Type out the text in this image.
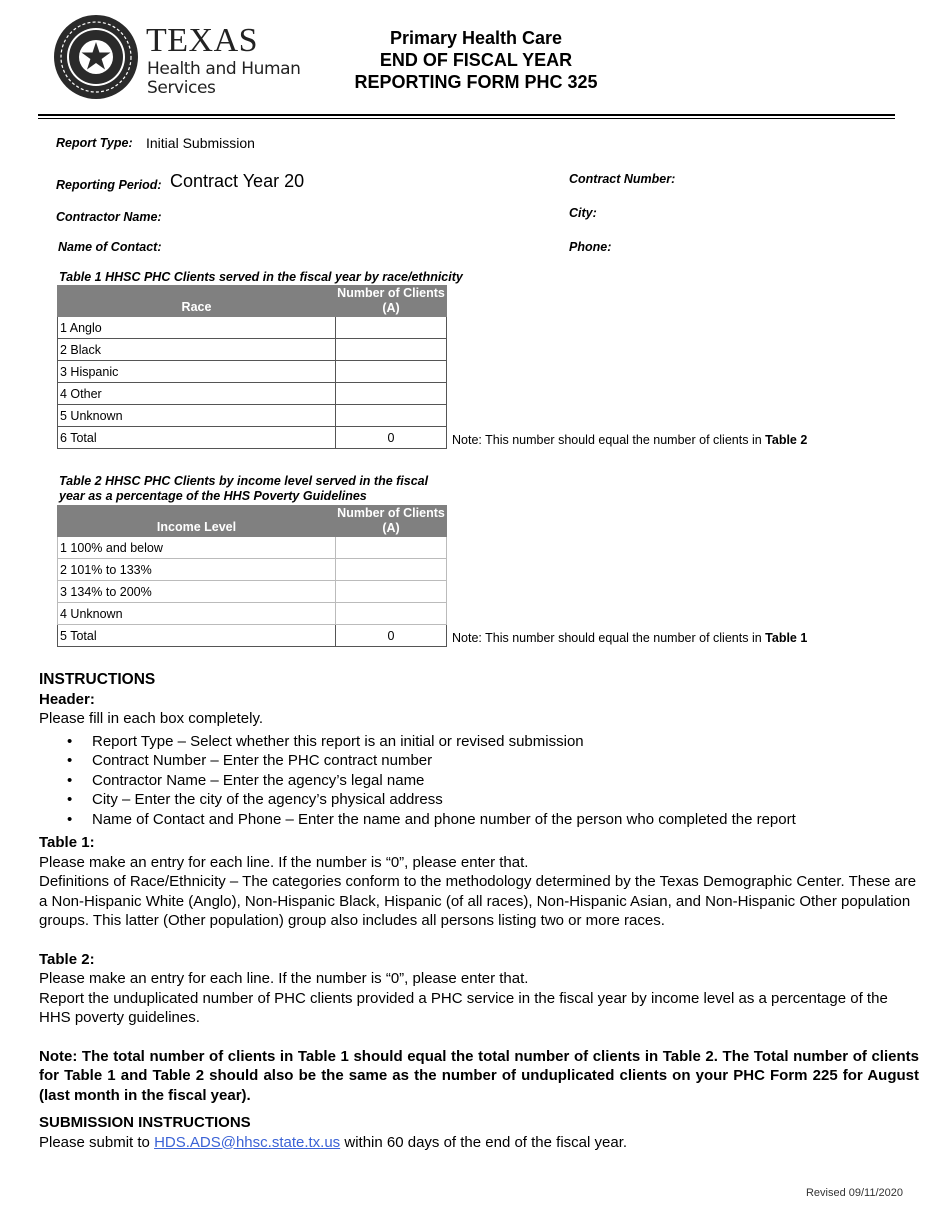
TEXAS
Health and Human
Services
Primary Health Care
END OF FISCAL YEAR
REPORTING FORM PHC 325
Report Type: Initial Submission
Reporting Period: Contract Year 20
Contractor Name:
Name of Contact:
Contract Number:
City:
Phone:
Table 1 HHSC PHC Clients served in the fiscal year by race/ethnicity
Race	Number of Clients
(A)

1 Anglo	
2 Black	
3 Hispanic	
4 Other	
5 Unknown	
6 Total	0	Note: This number should equal the number of clients in Table 2
Table 2 HHSC PHC Clients by income level served in the fiscal
year as a percentage of the HHS Poverty Guidelines
Income Level	Number of Clients
(A)

1 100% and below	
2 101% to 133%	
3 134% to 200%	
4 Unknown	
5 Total	0	Note: This number should equal the number of clients in Table 1

INSTRUCTIONS

Header:

Please fill in each box completely.

• Report Type – Select whether this report is an initial or revised submission
• Contract Number – Enter the PHC contract number
• Contractor Name – Enter the agency’s legal name
• City – Enter the city of the agency’s physical address
• Name of Contact and Phone – Enter the name and phone number of the person who completed the report

Table 1:

Please make an entry for each line. If the number is “0”, please enter that.

Definitions of Race/Ethnicity – The categories conform to the methodology determined by the Texas Demographic Center. These are a Non-Hispanic White (Anglo), Non-Hispanic Black, Hispanic (of all races), Non-Hispanic Asian, and Non-Hispanic Other population groups. This latter (Other population) group also includes all persons listing two or more races.

Table 2:

Please make an entry for each line. If the number is “0”, please enter that.

Report the unduplicated number of PHC clients provided a PHC service in the fiscal year by income level as a percentage of the HHS poverty guidelines.

Note: The total number of clients in Table 1 should equal the total number of clients in Table 2. The Total number of clients for Table 1 and Table 2 should also be the same as the number of unduplicated clients on your PHC Form 225 for August (last month in the fiscal year).

SUBMISSION INSTRUCTIONS

Please submit to HDS.ADS@hhsc.state.tx.us within 60 days of the end of the fiscal year.

Revised 09/11/2020
